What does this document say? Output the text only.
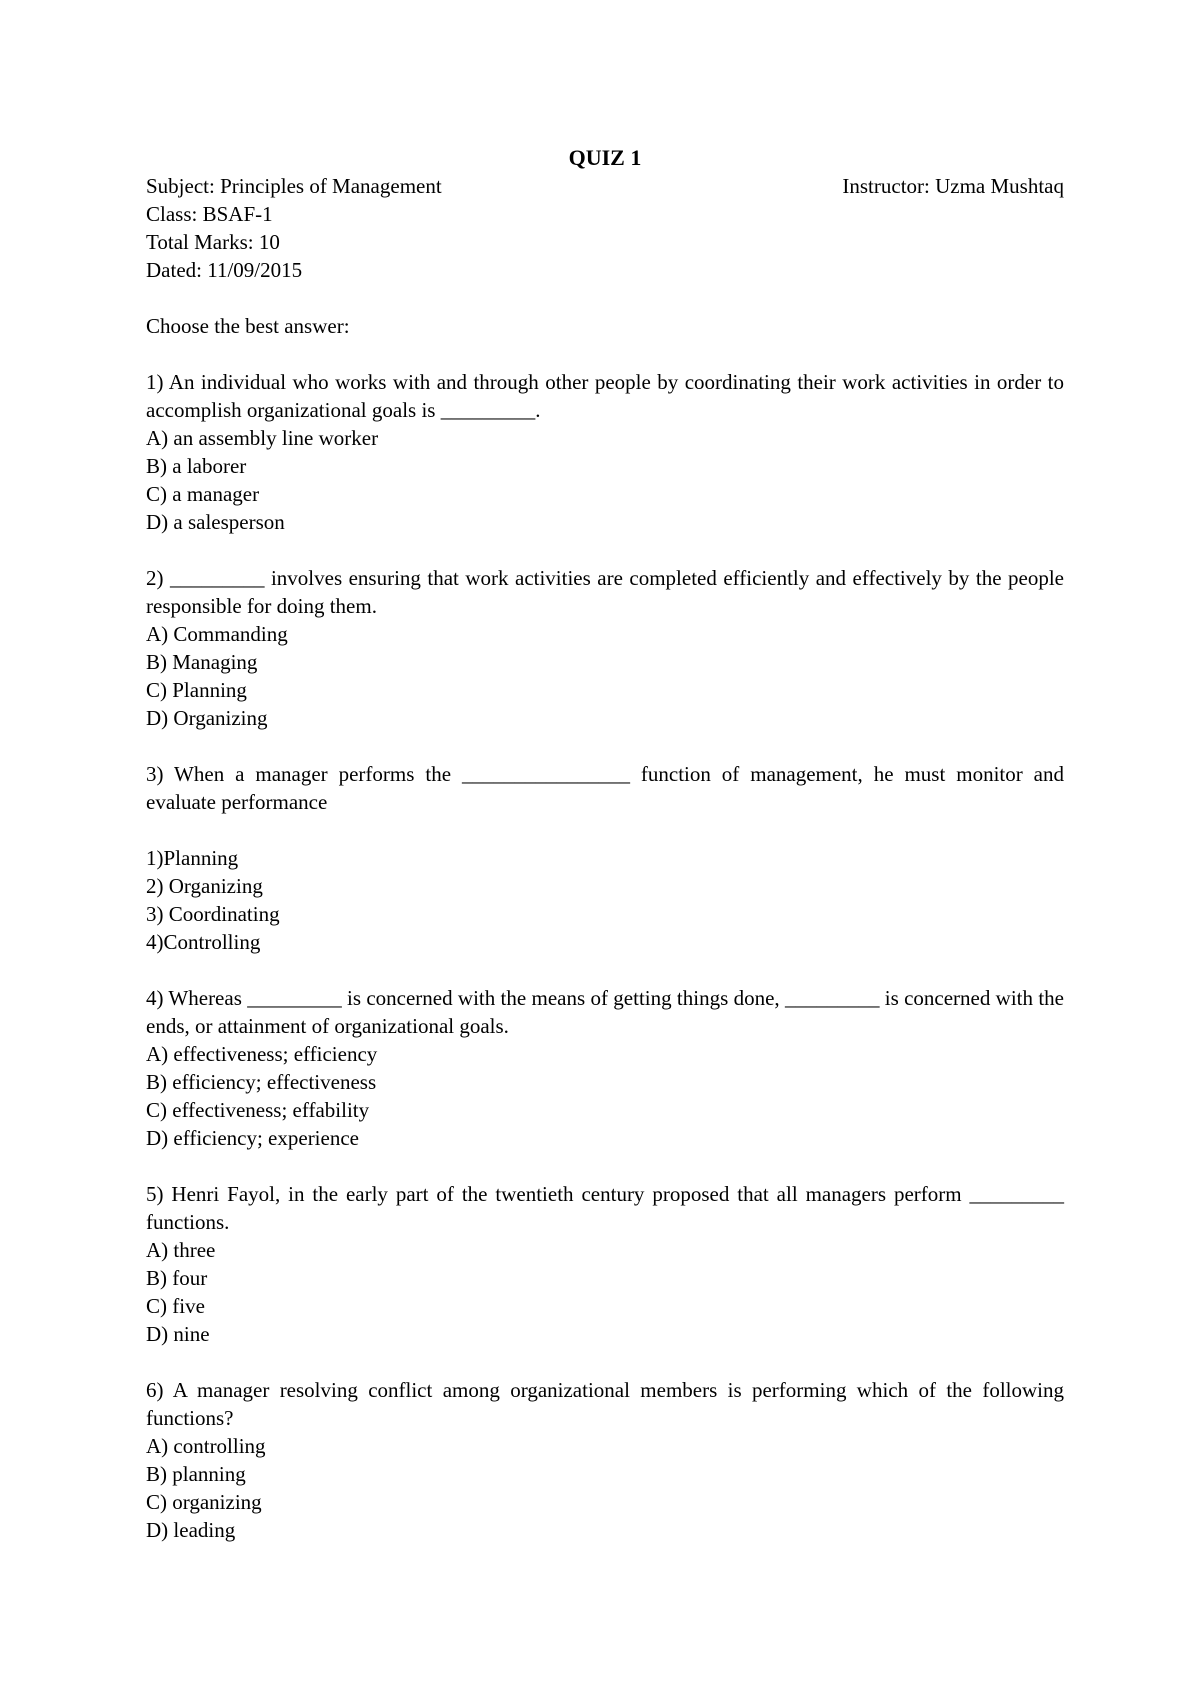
QUIZ 1

Subject: Principles of Management	Instructor: Uzma Mushtaq

Class: BSAF-1

Total Marks: 10

Dated: 11/09/2015

Choose the best answer:

1) An individual who works with and through other people by coordinating their work activities in order to accomplish organizational goals is _________.

A) an assembly line worker

B) a laborer

C) a manager

D) a salesperson

2) _________ involves ensuring that work activities are completed efficiently and effectively by the people responsible for doing them.

A) Commanding

B) Managing

C) Planning

D) Organizing

3) When a manager performs the ________________ function of management, he must monitor and evaluate performance

1)Planning

2) Organizing

3) Coordinating

4)Controlling

4) Whereas _________ is concerned with the means of getting things done, _________ is concerned with the ends, or attainment of organizational goals.

A) effectiveness; efficiency

B) efficiency; effectiveness

C) effectiveness; effability

D) efficiency; experience

5) Henri Fayol, in the early part of the twentieth century proposed that all managers perform _________ functions.

A) three

B) four

C) five

D) nine

6) A manager resolving conflict among organizational members is performing which of the following functions?

A) controlling

B) planning

C) organizing

D) leading
